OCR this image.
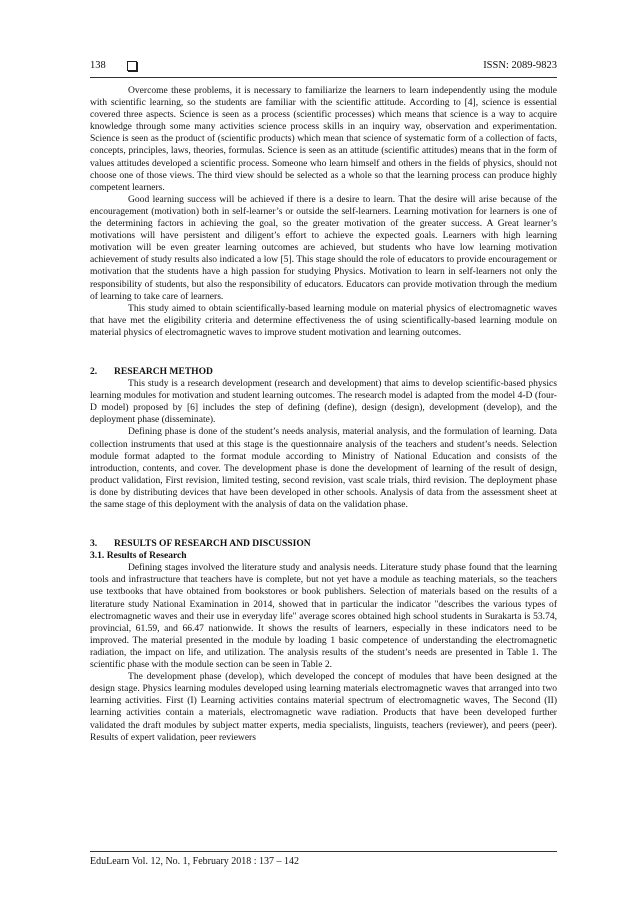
138	ISSN: 2089-9823

Overcome these problems, it is necessary to familiarize the learners to learn independently using the module with scientific learning, so the students are familiar with the scientific attitude. According to [4], science is essential covered three aspects. Science is seen as a process (scientific processes) which means that science is a way to acquire knowledge through some many activities science process skills in an inquiry way, observation and experimentation. Science is seen as the product of (scientific products) which mean that science of systematic form of a collection of facts, concepts, principles, laws, theories, formulas. Science is seen as an attitude (scientific attitudes) means that in the form of values attitudes developed a scientific process. Someone who learn himself and others in the fields of physics, should not choose one of those views. The third view should be selected as a whole so that the learning process can produce highly competent learners.

Good learning success will be achieved if there is a desire to learn. That the desire will arise because of the encouragement (motivation) both in self-learner’s or outside the self-learners. Learning motivation for learners is one of the determining factors in achieving the goal, so the greater motivation of the greater success. A Great learner’s motivations will have persistent and diligent’s effort to achieve the expected goals. Learners with high learning motivation will be even greater learning outcomes are achieved, but students who have low learning motivation achievement of study results also indicated a low [5]. This stage should the role of educators to provide encouragement or motivation that the students have a high passion for studying Physics. Motivation to learn in self-learners not only the responsibility of students, but also the responsibility of educators. Educators can provide motivation through the medium of learning to take care of learners.

This study aimed to obtain scientifically-based learning module on material physics of electromagnetic waves that have met the eligibility criteria and determine effectiveness the of using scientifically-based learning module on material physics of electromagnetic waves to improve student motivation and learning outcomes.

2. RESEARCH METHOD

This study is a research development (research and development) that aims to develop scientific-based physics learning modules for motivation and student learning outcomes. The research model is adapted from the model 4-D (four-D model) proposed by [6] includes the step of defining (define), design (design), development (develop), and the deployment phase (disseminate).

Defining phase is done of the student’s needs analysis, material analysis, and the formulation of learning. Data collection instruments that used at this stage is the questionnaire analysis of the teachers and student’s needs. Selection module format adapted to the format module according to Ministry of National Education and consists of the introduction, contents, and cover. The development phase is done the development of learning of the result of design, product validation, First revision, limited testing, second revision, vast scale trials, third revision. The deployment phase is done by distributing devices that have been developed in other schools. Analysis of data from the assessment sheet at the same stage of this deployment with the analysis of data on the validation phase.

3. RESULTS OF RESEARCH AND DISCUSSION
3.1. Results of Research

Defining stages involved the literature study and analysis needs. Literature study phase found that the learning tools and infrastructure that teachers have is complete, but not yet have a module as teaching materials, so the teachers use textbooks that have obtained from bookstores or book publishers. Selection of materials based on the results of a literature study National Examination in 2014, showed that in particular the indicator "describes the various types of electromagnetic waves and their use in everyday life" average scores obtained high school students in Surakarta is 53.74, provincial, 61.59, and 66.47 nationwide. It shows the results of learners, especially in these indicators need to be improved. The material presented in the module by loading 1 basic competence of understanding the electromagnetic radiation, the impact on life, and utilization. The analysis results of the student’s needs are presented in Table 1. The scientific phase with the module section can be seen in Table 2.

The development phase (develop), which developed the concept of modules that have been designed at the design stage. Physics learning modules developed using learning materials electromagnetic waves that arranged into two learning activities. First (I) Learning activities contains material spectrum of electromagnetic waves, The Second (II) learning activities contain a materials, electromagnetic wave radiation. Products that have been developed further validated the draft modules by subject matter experts, media specialists, linguists, teachers (reviewer), and peers (peer). Results of expert validation, peer reviewers

EduLearn Vol. 12, No. 1, February 2018 : 137 – 142
